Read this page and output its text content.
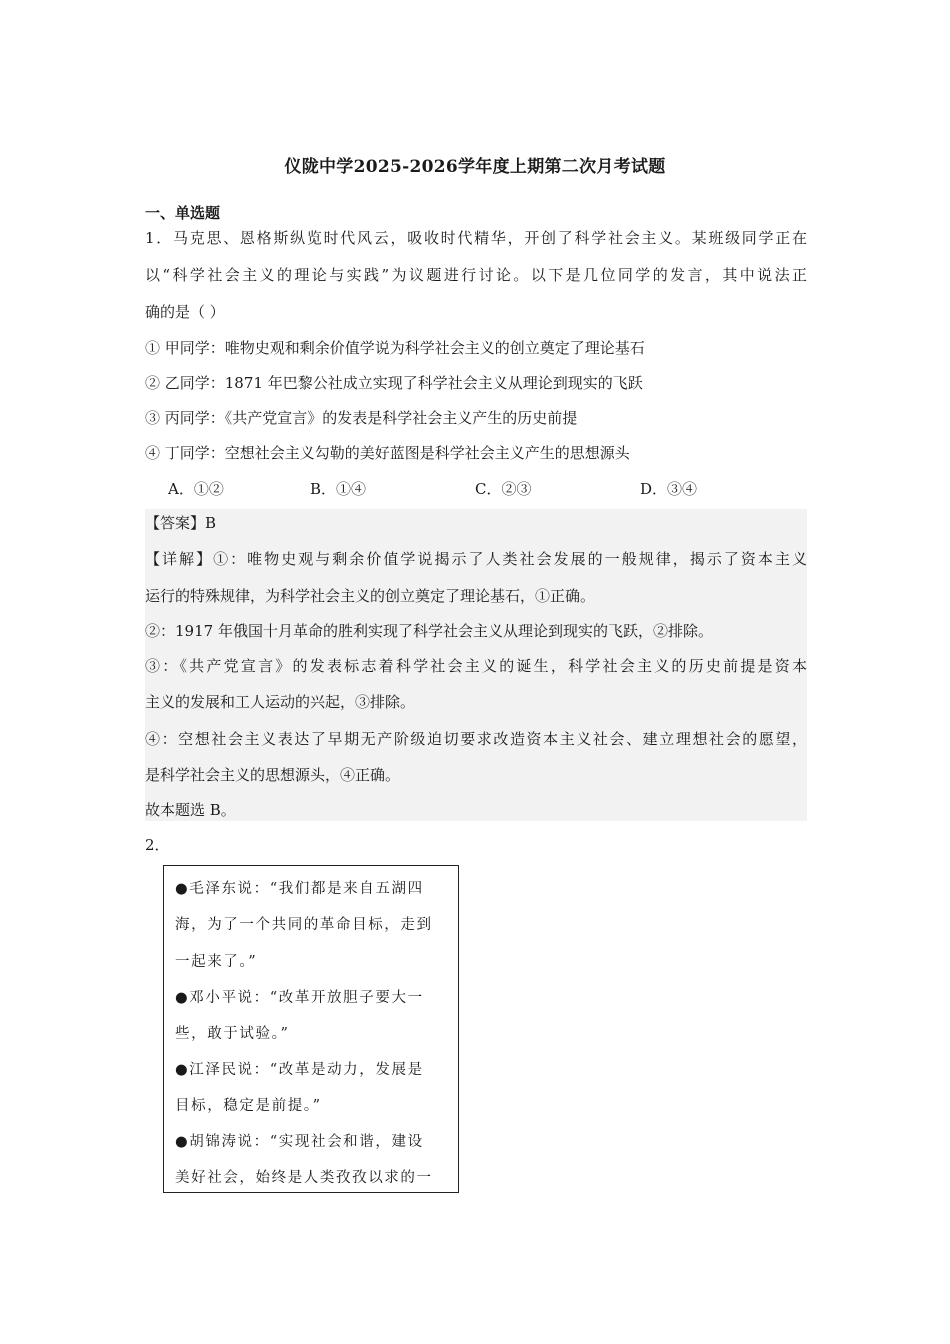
仪陇中学2025-2026学年度上期第二次月考试题
一、单选题
1．马克思、恩格斯纵览时代风云，吸收时代精华，开创了科学社会主义。某班级同学正在
以“科学社会主义的理论与实践”为议题进行讨论。以下是几位同学的发言，其中说法正
确的是（ ）
① 甲同学：唯物史观和剩余价值学说为科学社会主义的创立奠定了理论基石
② 乙同学：1871 年巴黎公社成立实现了科学社会主义从理论到现实的飞跃
③ 丙同学：《共产党宣言》的发表是科学社会主义产生的历史前提
④ 丁同学：空想社会主义勾勒的美好蓝图是科学社会主义产生的思想源头
A．①②	B．①④	C．②③	D．③④
【答案】B
【详解】①：唯物史观与剩余价值学说揭示了人类社会发展的一般规律，揭示了资本主义
运行的特殊规律，为科学社会主义的创立奠定了理论基石，①正确。
②：1917 年俄国十月革命的胜利实现了科学社会主义从理论到现实的飞跃，②排除。
③：《共产党宣言》的发表标志着科学社会主义的诞生，科学社会主义的历史前提是资本
主义的发展和工人运动的兴起，③排除。
④：空想社会主义表达了早期无产阶级迫切要求改造资本主义社会、建立理想社会的愿望，
是科学社会主义的思想源头，④正确。
故本题选 B。
2．
●毛泽东说：“我们都是来自五湖四
海，为了一个共同的革命目标，走到
一起来了。”
●邓小平说：“改革开放胆子要大一
些，敢于试验。”
●江泽民说：“改革是动力，发展是
目标，稳定是前提。”
●胡锦涛说：“实现社会和谐，建设
美好社会，始终是人类孜孜以求的一
